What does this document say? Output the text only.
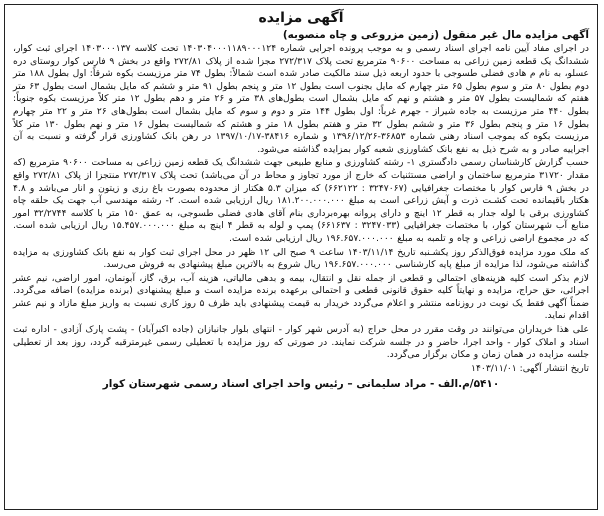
آگهی مزایده
آگهی مزایده مال غیر منقول (زمین مزروعی و چاه منصوبه)

در اجرای مفاد آیین نامه اجرای اسناد رسمی و به موجب پرونده اجرایی شماره ۱۴۰۳۰۴۰۰۰۱۱۸۹۰۰۰۱۲۴ تحت کلاسه ۱۴۰۳۰۰۰۱۳۷ اجرای ثبت کوار، ششدانگ یک قطعه زمین زراعی به مساحت ۹۰۶۰۰ مترمربع تحت پلاک ۲۷۲/۳۱۷ مجزا شده از پلاک ۲۷۲/۸۱ واقع در بخش ۹ فارس کوار روستای دره عسلو، به نام م هادی فضلی طسوجی با حدود اربعه ذیل سند مالکیت صادر شده است شمالاً: بطول ۷۴ متر مرزیست بکوه شرقاً: اول بطول ۱۸۸ متر دوم بطول ۸۰ متر و سوم بطول ۶۵ متر چهارم که مایل بجنوب است بطول ۱۲ متر و پنجم بطول ۹۱ متر و ششم که مایل بشمال است بطول ۶۳ متر هفتم که شمالیست بطول ۵۷ متر و هشتم و نهم که مایل بشمال است بطول‌های ۳۸ متر و ۲۶ متر و دهم بطول ۱۲ متر کلاً مرزیست بکوه جنوباً: بطول ۴۴۰ متر مرزیست به جاده شیراز - جهرم غرباً: اول بطول ۱۴۴ متر و دوم و سوم که مایل بشمال است بطول‌های ۲۶ متر و ۲۲ متر چهارم بطول ۱۶ متر و پنجم بطول ۳۶ متر و ششم بطول ۳۲ متر و هفتم بطول ۱۸ متر و هشتم که شمالیست بطول ۱۶ متر و نهم بطول ۱۳۰ متر کلاً مرزیست بکوه که بموجب اسناد رهنی شماره ۳۶۸۵۳-۱۳۹۶/۱۲/۲۶ و شماره ۳۸۴۱۶-۱۳۹۷/۱۰/۱۷ در رهن بانک کشاورزی قرار گرفته و نسبت به آن اجراییه صادر و به شرح ذیل به نفع بانک کشاورزی شعبه کوار بمزایده گذاشته می‌شود.

حسب گزارش کارشناسان رسمی دادگستری ۱- رشته کشاورزی و منابع طبیعی جهت ششدانگ یک قطعه زمین زراعی به مساحت ۹۰۶۰۰ مترمربع (که مقدار ۳۱۷۲۰ مترمربع ساختمان و اراضی مستثنیات که خارج از مورد تجاوز و محاط در آن می‌باشد) تحت پلاک ۲۷۲/۳۱۷ منتجزا از پلاک ۲۷۲/۸۱ واقع در بخش ۹ فارس کوار با مختصات جغرافیایی (۳۲۴۷۰۶۷ : ۶۶۲۱۲۲) که میزان ۵.۳ هکتار از محدوده بصورت باغ رزی و زیتون و انار می‌باشد و ۴.۸ هکتار باقیمانده تحت کشـت ذرت و آیش زراعی است به مبلغ ۱۸۱.۲۰۰.۰۰۰.۰۰۰ ریال ارزیابی شده است. ۲- رشته مهندسی آب جهت یک حلقه چاه کشاورزی برقی با لوله جدار به قطر ۱۲ اینچ و دارای پروانه بهره‌برداری بنام آقای هادی فضلی طسوجی، به عمق ۱۵۰ متر با کلاسه ۳۲/۲۷۴۴ امور منابع آب شهرستان کوار، با مختصات جغرافیایی (۳۲۴۷۰۳۳ : ۶۶۱۶۳۷) پمپ و لوله به قطر ۴ اینچ به مبلغ ۱۵.۴۵۷.۰۰۰.۰۰۰ ریال ارزیابی شده است. که در مجموع اراضی زراعی و چاه و تلمبه به مبلغ ۱۹۶.۶۵۷.۰۰۰.۰۰۰ ریال ارزیابی شده است.

که ملک مورد مزایده فوق‌الذکر روز یکشـنبه تاریخ ۱۴۰۳/۱۱/۱۴ ساعت ۹ صبح الی ۱۲ ظهر در محل اجرای ثبت کوار به نفع بانک کشاورزی به مزایده گذاشته می‌شود، لذا مزایده از مبلغ پایه کارشناسی ۱۹۶.۶۵۷.۰۰۰.۰۰۰ ریال شروع به بالاترین مبلغ پیشنهادی به فروش می‌رسد.

لازم بذکر است کلیه هزینه‌های احتمالی و قطعی از جمله نقل و انتقال، بیمه و بدهی مالیاتی، هزینه آب، برق، گاز، آبونمان، امور اراضی، نیم عشر اجرائی، حق حراج، مزایده و نهایتاً کلیه حقوق قانونی قطعی و احتمالی برعهده برنده مزایده است و مبلغ پیشنهادی (برنده مزایده) اضافه می‌گردد. ضمناً آگهی فقط یک نوبت در روزنامه منتشر و اعلام می‌گردد خریدار به قیمت پیشنهادی باید ظرف ۵ روز کاری نسبت به واریز مبلغ مازاد و نیم عشر اقدام نماید.

علی هذا خریداران می‌توانند در وقت مقرر در محل حراج (به آدرس شهر کوار - انتهای بلوار جانبازان (جاده اکبرآباد) - پشت پارک آزادی - اداره ثبت اسناد و املاک کوار - واحد اجرا، حاضر و در جلسه شرکت نمایند. در صورتی که روز مزایده با تعطیلی رسمی غیرمترقبه گردد، روز بعد از تعطیلی جلسه مزایده در همان زمان و مکان برگزار می‌گردد.

تاریخ انتشار آگهی: ۱۴۰۳/۱۱/۰۱
۵۴۱۰/م.الف - مراد سلیمانی – رئیس واحد اجرای اسناد رسمی شهرستان کوار
